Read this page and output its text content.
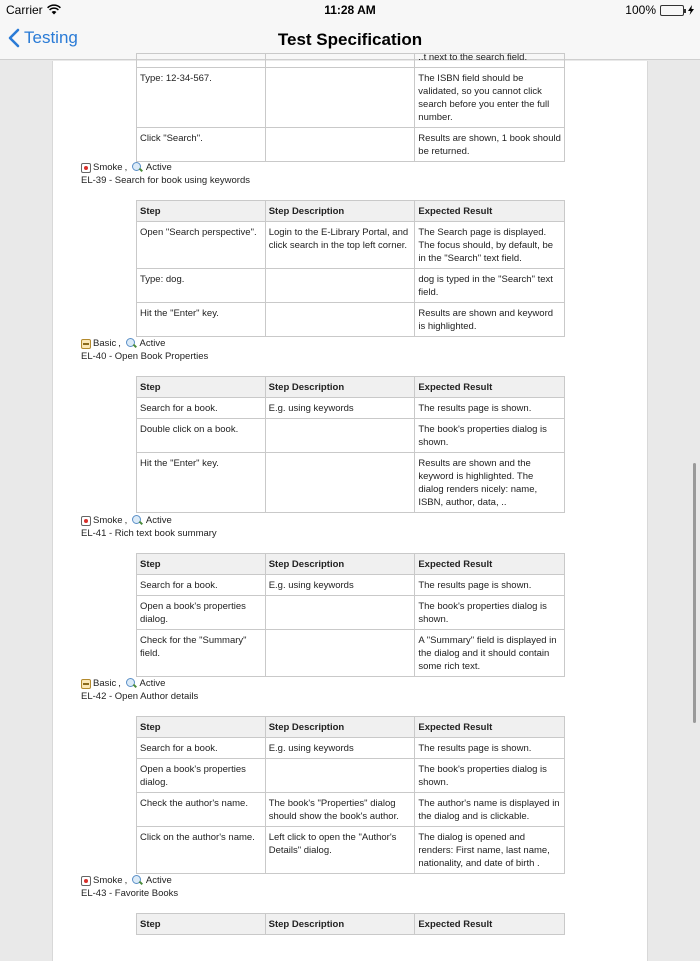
Carrier	11:28 AM	100%
Testing	Test Specification
		..t next to the search field.
Type: 12-34-567.		The ISBN field should be validated, so you cannot click search before you enter the full number.
Click "Search".		Results are shown, 1 book should be returned.
Smoke , Active
EL-39 - Search for book using keywords
Step	Step Description	Expected Result
Open "Search perspective".	Login to the E-Library Portal, and click search in the top left corner.	The Search page is displayed. The focus should, by default, be in the "Search" text field.
Type: dog.		dog is typed in the "Search" text field.
Hit the "Enter" key.		Results are shown and keyword is highlighted.
Basic , Active
EL-40 - Open Book Properties
Step	Step Description	Expected Result
Search for a book.	E.g. using keywords	The results page is shown.
Double click on a book.		The book's properties dialog is shown.
Hit the "Enter" key.		Results are shown and the keyword is highlighted. The dialog renders nicely: name, ISBN, author, data, ..
Smoke , Active
EL-41 - Rich text book summary
Step	Step Description	Expected Result
Search for a book.	E.g. using keywords	The results page is shown.
Open a book's properties dialog.		The book's properties dialog is shown.
Check for the "Summary" field.		A "Summary" field is displayed in the dialog and it should contain some rich text.
Basic , Active
EL-42 - Open Author details
Step	Step Description	Expected Result
Search for a book.	E.g. using keywords	The results page is shown.
Open a book's properties dialog.		The book's properties dialog is shown.
Check the author's name.	The book's "Properties" dialog should show the book's author.	The author's name is displayed in the dialog and is clickable.
Click on the author's name.	Left click to open the "Author's Details" dialog.	The dialog is opened and renders: First name, last name, nationality, and date of birth .
Smoke , Active
EL-43 - Favorite Books
Step	Step Description	Expected Result
